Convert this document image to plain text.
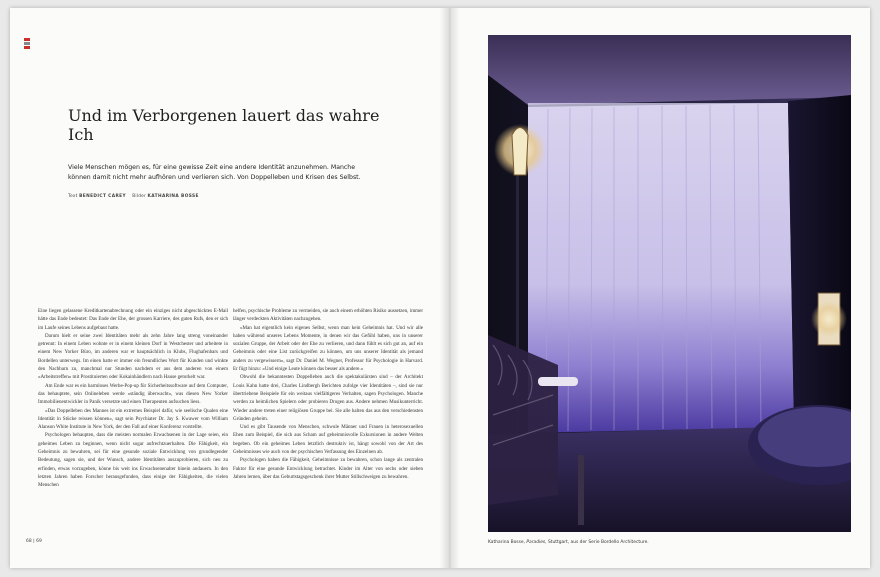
Und im Verborgenen lauert das wahre Ich
Viele Menschen mögen es, für eine gewisse Zeit eine andere Identität anzunehmen. Manche können damit nicht mehr aufhören und verlieren sich. Von Doppelleben und Krisen des Selbst.
Text BENEDICT CAREY Bilder KATHARINA BOSSE

Eine liegen gelassene Kreditkartenabrechnung oder ein einziges nicht abgeschicktes E-Mail hätte das Ende bedeutet: Das Ende der Ehe, der grossen Karriere, des guten Rufs, den er sich im Laufe seines Lebens aufgebaut hatte.

Darum hielt er seine zwei Identitäten mehr als zehn Jahre lang streng voneinander getrennt: In einem Leben wohnte er in einem kleinen Dorf in Westchester und arbeitete in einem New Yorker Büro, im anderen war er hauptsächlich in Klubs, Flughafenbars und Bordellen unterwegs. Im einen hatte er immer ein freundliches Wort für Kunden und winkte den Nachbarn zu, manchmal nur Stunden nachdem er aus dem anderen von einem «Arbeitstreffen» mit Prostituierten oder Kokainhändlern nach Hause getorkelt war.

Am Ende war es ein harmloses Werbe-Pop-up für Sicherheitssoftware auf dem Computer, das behauptete, sein Onlineleben werde «ständig überwacht», was diesen New Yorker Immobilienentwickler in Panik versetzte und einen Therapeuten aufsuchen liess.

«Das Doppelleben des Mannes ist ein extremes Beispiel dafür, wie seelische Qualen eine Identität in Stücke reissen können», sagt sein Psychiater Dr. Jay S. Kwawer vom William Alanson White Institute in New York, der den Fall auf einer Konferenz vorstellte.

Psychologen behaupten, dass die meisten normalen Erwachsenen in der Lage seien, ein geheimes Leben zu beginnen, wenn nicht sogar aufrechtzuerhalten. Die Fähigkeit, ein Geheimnis zu bewahren, sei für eine gesunde soziale Entwicklung von grundlegender Bedeutung, sagen sie, und der Wunsch, andere Identitäten auszuprobieren, sich neu zu erfinden, etwas vorzugeben, könne bis weit ins Erwachsenenalter hinein andauern. In den letzten Jahren haben Forscher herausgefunden, dass einige der Fähigkeiten, die vielen Menschen

helfen, psychische Probleme zu vermeiden, sie auch einem erhöhten Risiko aussetzen, immer länger verdeckten Aktivitäten nachzugehen.

«Man hat eigentlich kein eigenes Selbst, wenn man kein Geheimnis hat. Und wir alle haben während unseres Lebens Momente, in denen wir das Gefühl haben, uns in unserer sozialen Gruppe, der Arbeit oder der Ehe zu verlieren, und dann fühlt es sich gut an, auf ein Geheimnis oder eine List zurückgreifen zu können, um uns unserer Identität als jemand anders zu vergewissern», sagt Dr. Daniel M. Wegner, Professor für Psychologie in Harvard. Er fügt hinzu: «Und einige Leute können das besser als andere.»

Obwohl die bekanntesten Doppelleben auch die spektakulärsten sind – der Architekt Louis Kahn hatte drei, Charles Lindbergh Berichten zufolge vier Identitäten –, sind sie nur übertriebene Beispiele für ein weitaus vielfältigeres Verhalten, sagen Psychologen. Manche werden zu heimlichen Spielern oder probieren Drogen aus. Andere nehmen Musikunterricht. Wieder andere treten einer religiösen Gruppe bei. Sie alle halten das aus den verschiedensten Gründen geheim.

Und es gibt Tausende von Menschen, schwule Männer und Frauen in heterosexuellen Ehen zum Beispiel, die sich aus Scham auf geheimnisvolle Exkursionen in andere Welten begeben. Ob ein geheimes Leben letztlich destruktiv ist, hängt sowohl von der Art des Geheimnisses wie auch von der psychischen Verfassung des Einzelnen ab.

Psychologen haben die Fähigkeit, Geheimnisse zu bewahren, schon lange als zentralen Faktor für eine gesunde Entwicklung betrachtet. Kinder im Alter von sechs oder sieben Jahren lernen, über das Geburtstagsgeschenk ihrer Mutter Stillschweigen zu bewahren.

68 | 69	Katharina Bosse, Paradies, Stuttgart, aus der Serie Bordello Architecture.
